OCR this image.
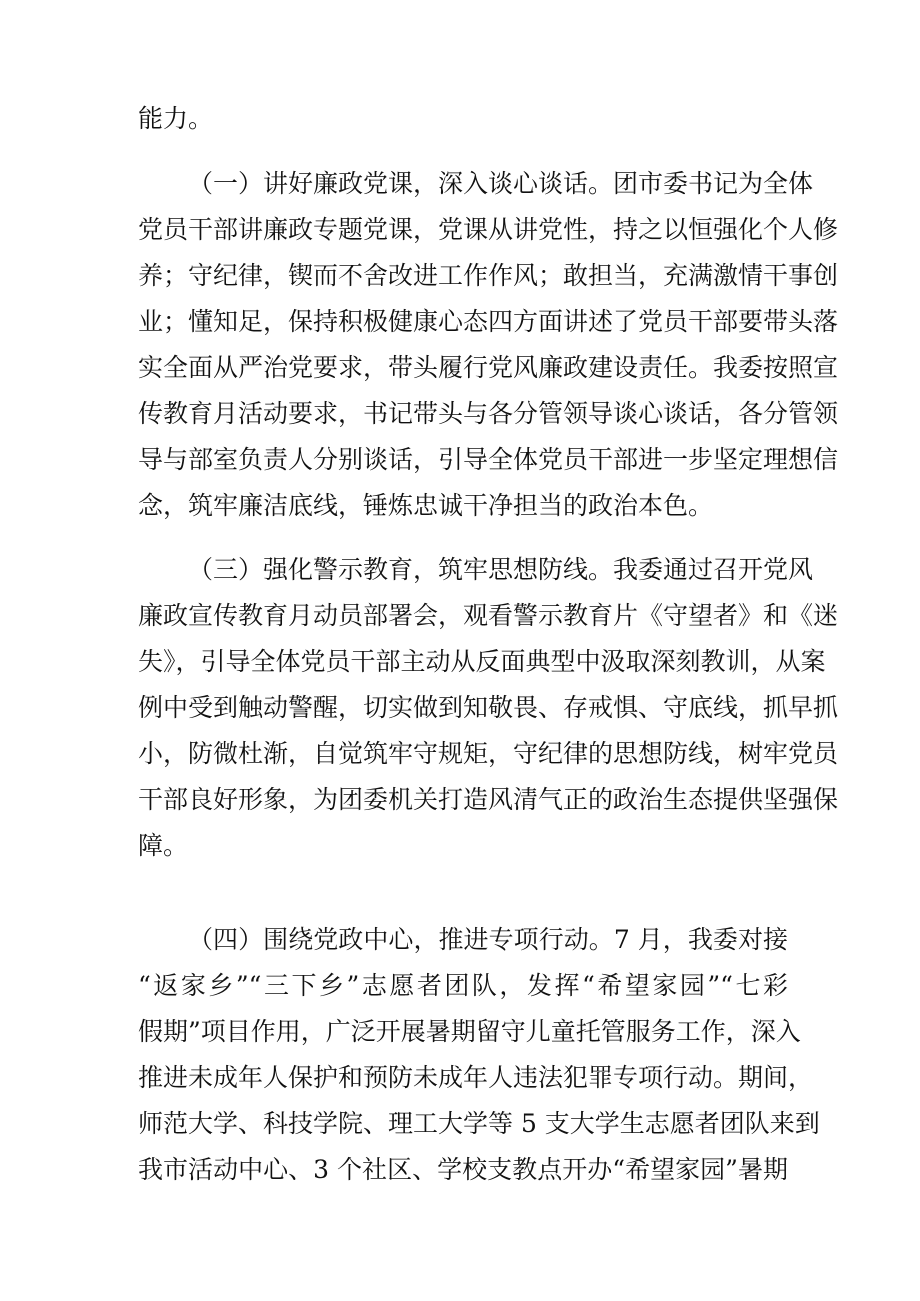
能力。
（一）讲好廉政党课，深入谈心谈话。团市委书记为全体
党员干部讲廉政专题党课，党课从讲党性，持之以恒强化个人修
养；守纪律，锲而不舍改进工作作风；敢担当，充满激情干事创
业；懂知足，保持积极健康心态四方面讲述了党员干部要带头落
实全面从严治党要求，带头履行党风廉政建设责任。我委按照宣
传教育月活动要求，书记带头与各分管领导谈心谈话，各分管领
导与部室负责人分别谈话，引导全体党员干部进一步坚定理想信
念，筑牢廉洁底线，锤炼忠诚干净担当的政治本色。
（三）强化警示教育，筑牢思想防线。我委通过召开党风
廉政宣传教育月动员部署会，观看警示教育片《守望者》和《迷
失》，引导全体党员干部主动从反面典型中汲取深刻教训，从案
例中受到触动警醒，切实做到知敬畏、存戒惧、守底线，抓早抓
小，防微杜渐，自觉筑牢守规矩，守纪律的思想防线，树牢党员
干部良好形象，为团委机关打造风清气正的政治生态提供坚强保
障。
（四）围绕党政中心，推进专项行动。7 月，我委对接
“返家乡”“三下乡”志愿者团队，发挥“希望家园”“七彩
假期”项目作用，广泛开展暑期留守儿童托管服务工作，深入
推进未成年人保护和预防未成年人违法犯罪专项行动。期间，
师范大学、科技学院、理工大学等 5 支大学生志愿者团队来到
我市活动中心、3 个社区、学校支教点开办“希望家园”暑期
